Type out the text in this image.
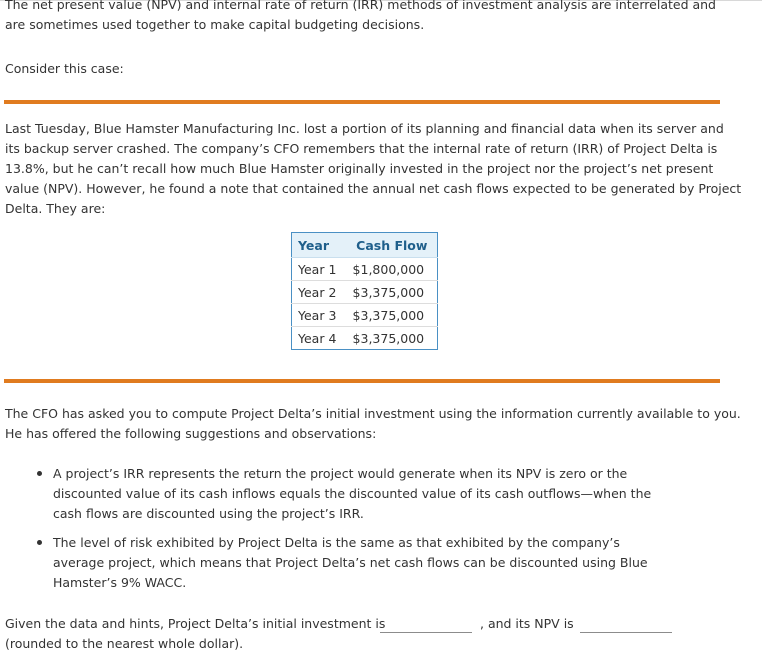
The net present value (NPV) and internal rate of return (IRR) methods of investment analysis are interrelated and

are sometimes used together to make capital budgeting decisions.

Consider this case:

Last Tuesday, Blue Hamster Manufacturing Inc. lost a portion of its planning and financial data when its server and

its backup server crashed. The company’s CFO remembers that the internal rate of return (IRR) of Project Delta is

13.8%, but he can’t recall how much Blue Hamster originally invested in the project nor the project’s net present

value (NPV). However, he found a note that contained the annual net cash flows expected to be generated by Project

Delta. They are:

Year	Cash Flow
Year 1	$1,800,000
Year 2	$3,375,000
Year 3	$3,375,000
Year 4	$3,375,000

The CFO has asked you to compute Project Delta’s initial investment using the information currently available to you.

He has offered the following suggestions and observations:

A project’s IRR represents the return the project would generate when its NPV is zero or the
discounted value of its cash inflows equals the discounted value of its cash outflows—when the
cash flows are discounted using the project’s IRR.
The level of risk exhibited by Project Delta is the same as that exhibited by the company’s
average project, which means that Project Delta’s net cash flows can be discounted using Blue
Hamster’s 9% WACC.
Given the data and hints, Project Delta’s initial investment is	, and its NPV is
(rounded to the nearest whole dollar).
